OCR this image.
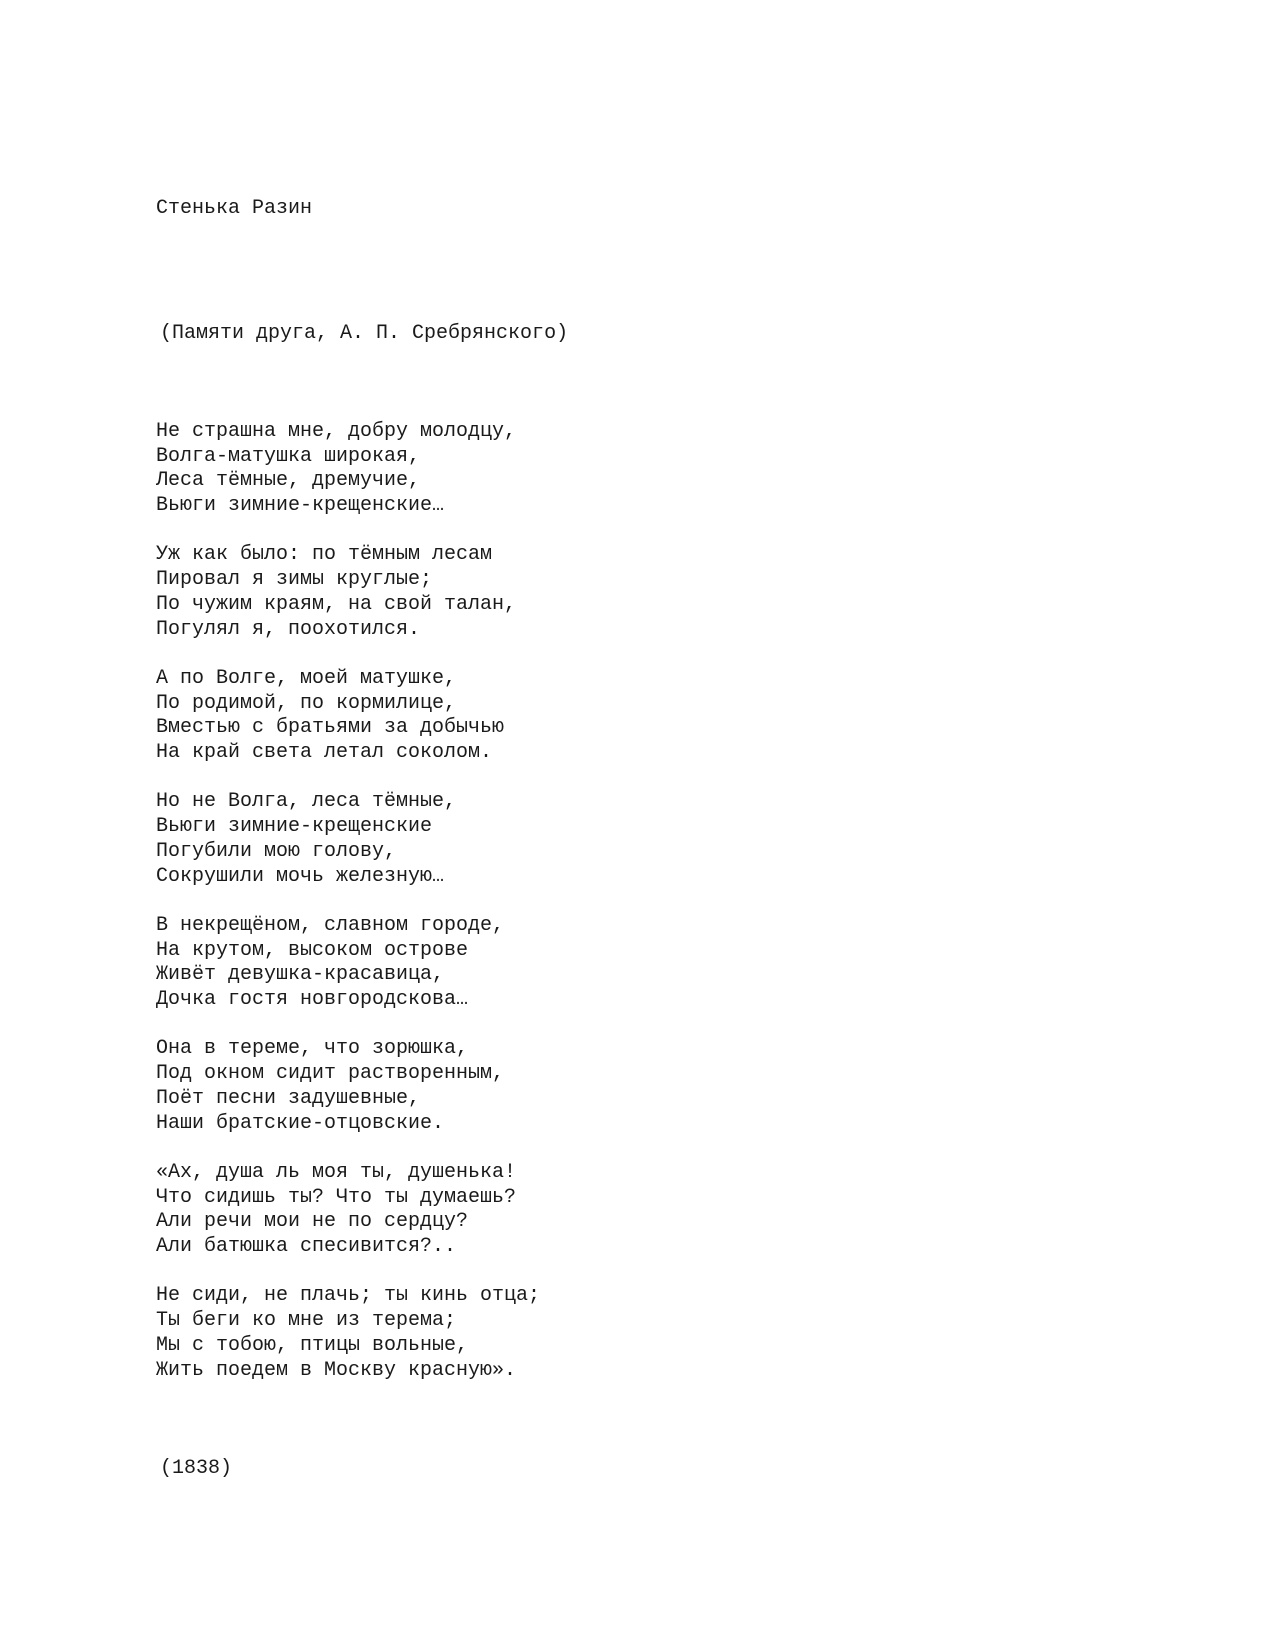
Стенька Разин

(Памяти друга, А. П. Сребрянского)

Не страшна мне, добру молодцу,
Волга-матушка широкая,
Леса тёмные, дремучие,
Вьюги зимние-крещенские…
Уж как было: по тёмным лесам
Пировал я зимы круглые;
По чужим краям, на свой талан,
Погулял я, поохотился.
А по Волге, моей матушке,
По родимой, по кормилице,
Вместью с братьями за добычью
На край света летал соколом.
Но не Волга, леса тёмные,
Вьюги зимние-крещенские
Погубили мою голову,
Сокрушили мочь железную…
В некрещёном, славном городе,
На крутом, высоком острове
Живёт девушка-красавица,
Дочка гостя новгородскова…
Она в тереме, что зорюшка,
Под окном сидит растворенным,
Поёт песни задушевные,
Наши братские-отцовские.
«Ах, душа ль моя ты, душенька!
Что сидишь ты? Что ты думаешь?
Али речи мои не по сердцу?
Али батюшка спесивится?..
Не сиди, не плачь; ты кинь отца;
Ты беги ко мне из терема;
Мы с тобою, птицы вольные,
Жить поедем в Москву красную».

(1838)
